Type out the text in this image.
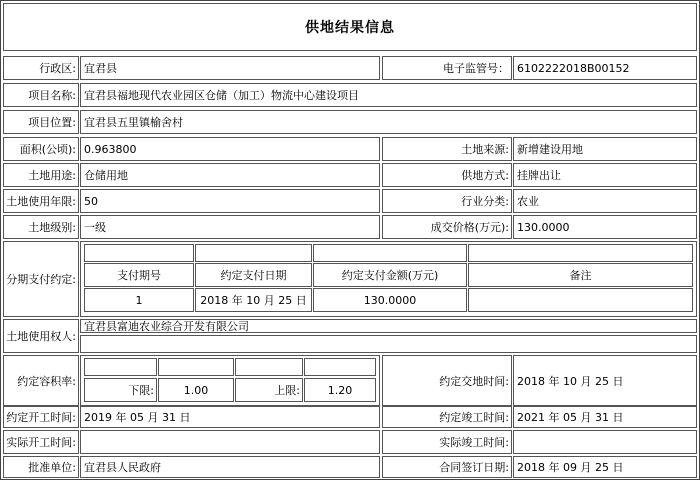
供地结果信息
行政区: 宜君县	电子监管号： 6102222018B00152
项目名称: 宜君县福地现代农业园区仓储（加工）物流中心建设项目
项目位置: 宜君县五里镇榆舍村
面积(公顷): 0.963800	土地来源: 新增建设用地
土地用途: 仓储用地	供地方式: 挂牌出让
土地使用年限: 50	行业分类: 农业
土地级别: 一级	成交价格(万元): 130.0000
分期支付约定:	支付期号	约定支付日期	约定支付金额(万元)	备注
1	2018 年 10 月 25 日	130.0000
土地使用权人:
宜君县富迪农业综合开发有限公司
约定容积率:
下限:	1.00	上限:	1.20
约定交地时间: 2018 年 10 月 25 日
约定开工时间: 2019 年 05 月 31 日	约定竣工时间: 2021 年 05 月 31 日
实际开工时间:	实际竣工时间:
批准单位: 宜君县人民政府	合同签订日期: 2018 年 09 月 25 日
